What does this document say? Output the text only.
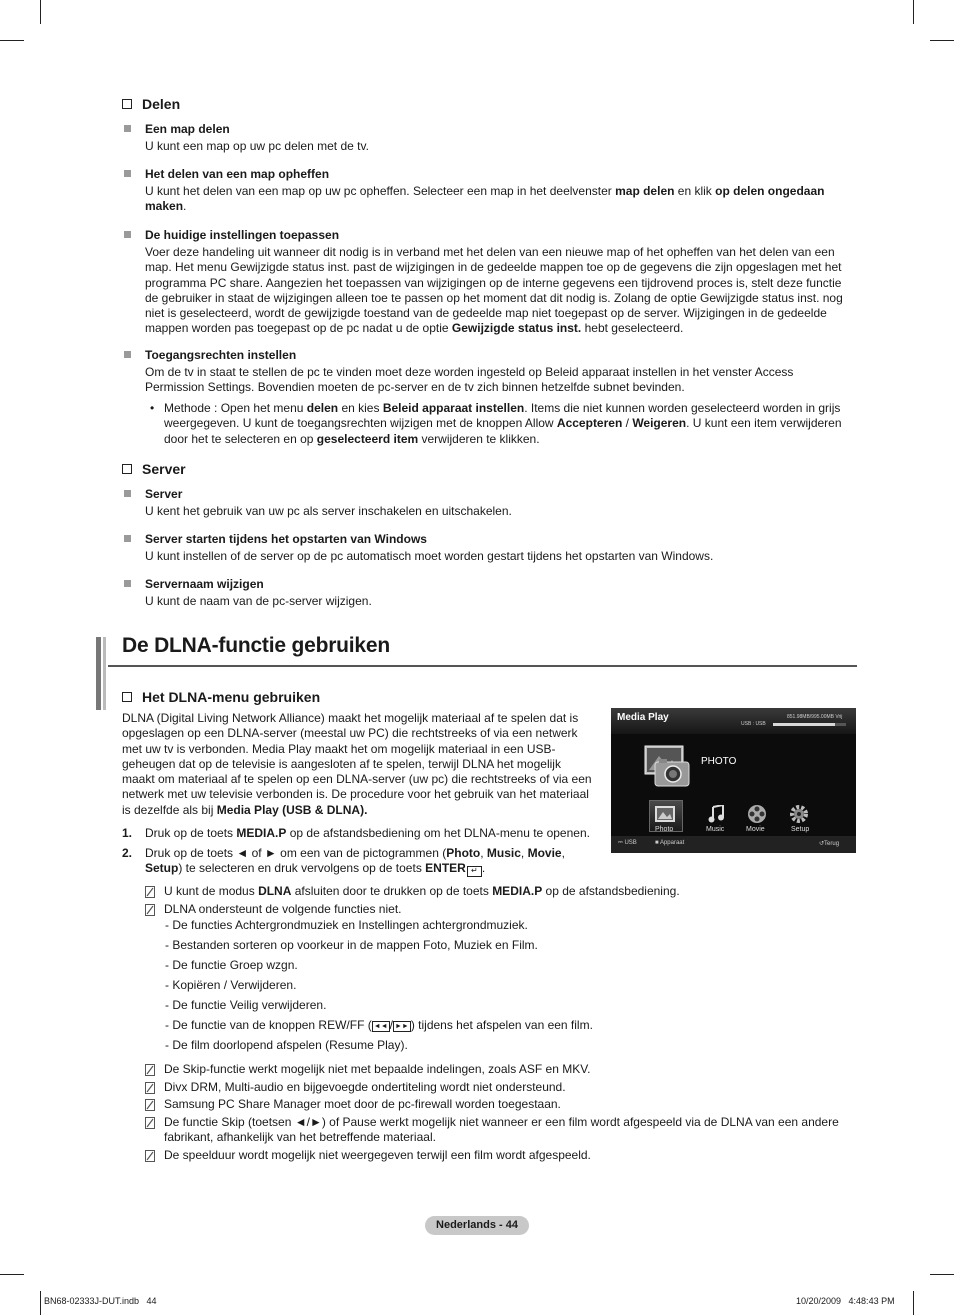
Delen
Een map delen
U kunt een map op uw pc delen met de tv.
Het delen van een map opheffen
U kunt het delen van een map op uw pc opheffen. Selecteer een map in het deelvenster map delen en klik op delen ongedaan maken.
De huidige instellingen toepassen
Voer deze handeling uit wanneer dit nodig is in verband met het delen van een nieuwe map of het opheffen van het delen van een map. Het menu Gewijzigde status inst. past de wijzigingen in de gedeelde mappen toe op de gegevens die zijn opgeslagen met het programma PC share. Aangezien het toepassen van wijzigingen op de interne gegevens een tijdrovend proces is, stelt deze functie de gebruiker in staat de wijzigingen alleen toe te passen op het moment dat dit nodig is. Zolang de optie Gewijzigde status inst. nog niet is geselecteerd, wordt de gewijzigde toestand van de gedeelde map niet toegepast op de server. Wijzigingen in de gedeelde mappen worden pas toegepast op de pc nadat u de optie Gewijzigde status inst. hebt geselecteerd.
Toegangsrechten instellen
Om de tv in staat te stellen de pc te vinden moet deze worden ingesteld op Beleid apparaat instellen in het venster Access Permission Settings. Bovendien moeten de pc-server en de tv zich binnen hetzelfde subnet bevinden.
• Methode : Open het menu delen en kies Beleid apparaat instellen. Items die niet kunnen worden geselecteerd worden in grijs weergegeven. U kunt de toegangsrechten wijzigen met de knoppen Allow Accepteren / Weigeren. U kunt een item verwijderen door het te selecteren en op geselecteerd item verwijderen te klikken.
Server
Server
U kent het gebruik van uw pc als server inschakelen en uitschakelen.
Server starten tijdens het opstarten van Windows
U kunt instellen of de server op de pc automatisch moet worden gestart tijdens het opstarten van Windows.
Servernaam wijzigen
U kunt de naam van de pc-server wijzigen.
De DLNA-functie gebruiken
Het DLNA-menu gebruiken
DLNA (Digital Living Network Alliance) maakt het mogelijk materiaal af te spelen dat is opgeslagen op een DLNA-server (meestal uw PC) die rechtstreeks of via een netwerk met uw tv is verbonden. Media Play maakt het om mogelijk materiaal in een USB-geheugen dat op de televisie is aangesloten af te spelen, terwijl DLNA het mogelijk maakt om materiaal af te spelen op een DLNA-server (uw pc) die rechtstreeks of via een netwerk met uw televisie verbonden is. De procedure voor het gebruik van het materiaal is dezelfde als bij Media Play (USB & DLNA).
Media Play	851.98MB/995.00MB Vrij
USB : USB
PHOTO
Photo	Music	Movie	Setup
⎓ USB	■ Apparaat	↺Terug
1. Druk op de toets MEDIA.P op de afstandsbediening om het DLNA-menu te openen.
2. Druk op de toets ◄ of ► om een van de pictogrammen (Photo, Music, Movie,
Setup) te selecteren en druk vervolgens op de toets ENTER ↵ .
U kunt de modus DLNA afsluiten door te drukken op de toets MEDIA.P op de afstandsbediening.
DLNA ondersteunt de volgende functies niet.
- De functies Achtergrondmuziek en Instellingen achtergrondmuziek.
- Bestanden sorteren op voorkeur in de mappen Foto, Muziek en Film.
- De functie Groep wzgn.
- Kopiëren / Verwijderen.
- De functie Veilig verwijderen.
- De functie van de knoppen REW/FF ( ◄◄ / ►► ) tijdens het afspelen van een film.
- De film doorlopend afspelen (Resume Play).
De Skip-functie werkt mogelijk niet met bepaalde indelingen, zoals ASF en MKV.
Divx DRM, Multi-audio en bijgevoegde ondertiteling wordt niet ondersteund.
Samsung PC Share Manager moet door de pc-firewall worden toegestaan.
De functie Skip (toetsen ◄/►) of Pause werkt mogelijk niet wanneer er een film wordt afgespeeld via de DLNA van een andere fabrikant, afhankelijk van het betreffende materiaal.
De speelduur wordt mogelijk niet weergegeven terwijl een film wordt afgespeeld.
Nederlands - 44
BN68-02333J-DUT.indb   44	10/20/2009   4:48:43 PM
